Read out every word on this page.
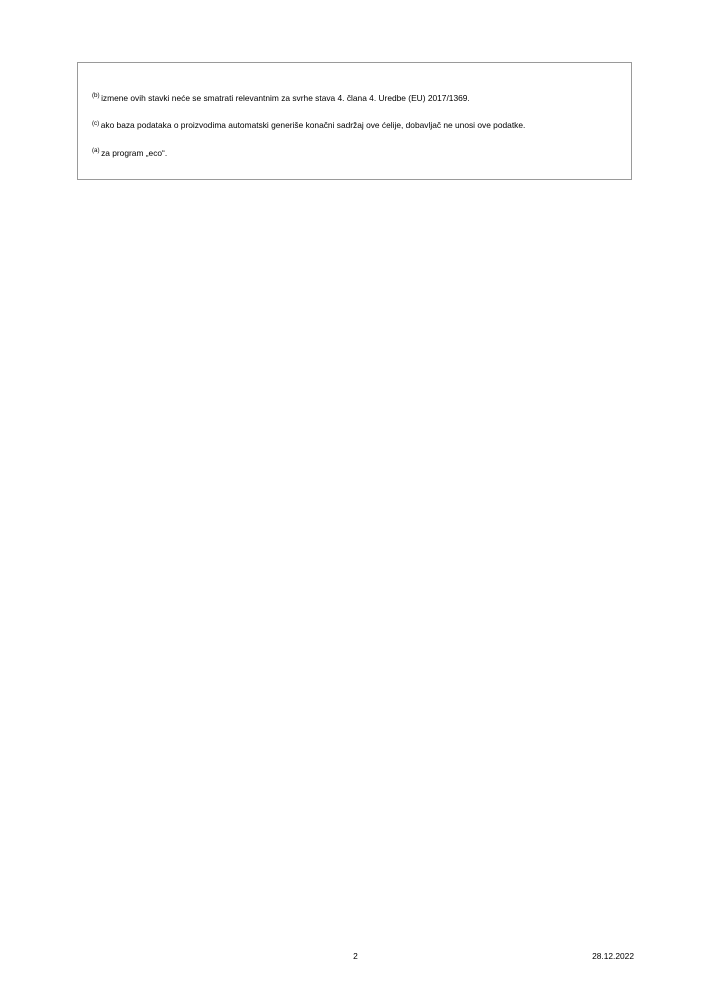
$^{(b)}$ izmene ovih stavki neće se smatrati relevantnim za svrhe stava 4. člana 4. Uredbe (EU) 2017/1369.

$^{(c)}$ ako baza podataka o proizvodima automatski generiše konačni sadržaj ove ćelije, dobavljač ne unosi ove podatke.

$^{(a)}$ za program „eco“.

2	28.12.2022
